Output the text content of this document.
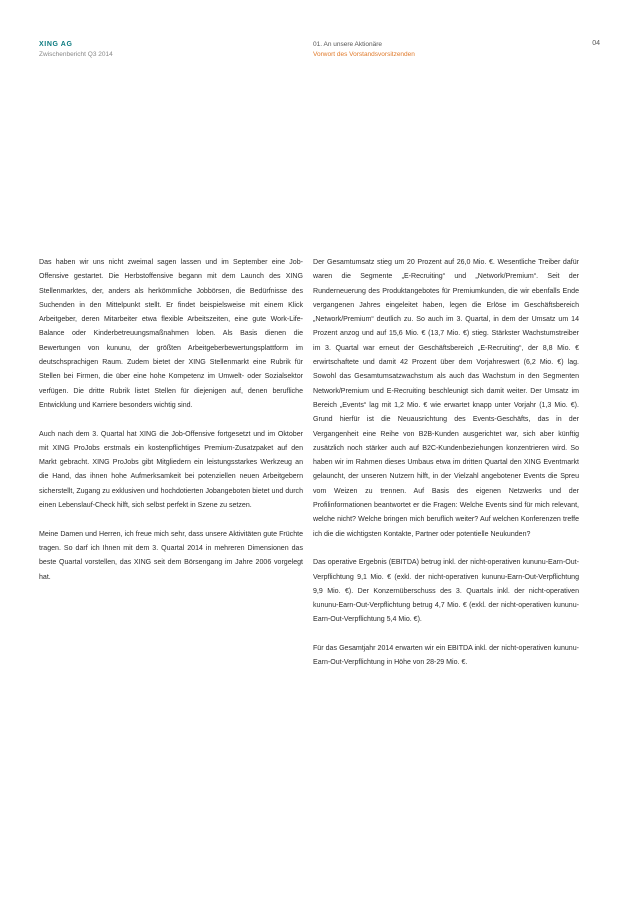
XING AG
Zwischenbericht Q3 2014
01. An unsere Aktionäre
Vorwort des Vorstandsvorsitzenden
04

Das haben wir uns nicht zweimal sagen lassen und im September eine Job-Offensive gestartet. Die Herbstoffensive begann mit dem Launch des XING Stellenmarktes, der, anders als herkömmliche Jobbörsen, die Bedürfnisse des Suchenden in den Mittelpunkt stellt. Er findet beispielsweise mit einem Klick Arbeitgeber, deren Mitarbeiter etwa flexible Arbeitszeiten, eine gute Work-Life-Balance oder Kinderbetreuungsmaßnahmen loben. Als Basis dienen die Bewertungen von kununu, der größten Arbeitgeberbewertungsplattform im deutschsprachigen Raum. Zudem bietet der XING Stellenmarkt eine Rubrik für Stellen bei Firmen, die über eine hohe Kompetenz im Umwelt- oder Sozialsektor verfügen. Die dritte Rubrik listet Stellen für diejenigen auf, denen berufliche Entwicklung und Karriere besonders wichtig sind.

Auch nach dem 3. Quartal hat XING die Job-Offensive fortgesetzt und im Oktober mit XING ProJobs erstmals ein kostenpflichtiges Premium-Zusatzpaket auf den Markt gebracht. XING ProJobs gibt Mitgliedern ein leistungsstarkes Werkzeug an die Hand, das ihnen hohe Aufmerksamkeit bei potenziellen neuen Arbeitgebern sicherstellt, Zugang zu exklusiven und hochdotierten Jobangeboten bietet und durch einen Lebenslauf-Check hilft, sich selbst perfekt in Szene zu setzen.

Meine Damen und Herren, ich freue mich sehr, dass unsere Aktivitäten gute Früchte tragen. So darf ich Ihnen mit dem 3. Quartal 2014 in mehreren Dimensionen das beste Quartal vorstellen, das XING seit dem Börsengang im Jahre 2006 vorgelegt hat.

Der Gesamtumsatz stieg um 20 Prozent auf 26,0 Mio. €. Wesentliche Treiber dafür waren die Segmente „E-Recruiting“ und „Network/Premium“. Seit der Runderneuerung des Produktangebotes für Premiumkunden, die wir ebenfalls Ende vergangenen Jahres eingeleitet haben, legen die Erlöse im Geschäftsbereich „Network/Premium“ deutlich zu. So auch im 3. Quartal, in dem der Umsatz um 14 Prozent anzog und auf 15,6 Mio. € (13,7 Mio. €) stieg. Stärkster Wachstumstreiber im 3. Quartal war erneut der Geschäftsbereich „E-Recruiting“, der 8,8 Mio. € erwirtschaftete und damit 42 Prozent über dem Vorjahreswert (6,2 Mio. €) lag. Sowohl das Gesamtumsatzwachstum als auch das Wachstum in den Segmenten Network/Premium und E-Recruiting beschleunigt sich damit weiter. Der Umsatz im Bereich „Events“ lag mit 1,2 Mio. € wie erwartet knapp unter Vorjahr (1,3 Mio. €). Grund hierfür ist die Neuausrichtung des Events-Geschäfts, das in der Vergangenheit eine Reihe von B2B-Kunden ausgerichtet war, sich aber künftig zusätzlich noch stärker auch auf B2C-Kundenbeziehungen konzentrieren wird. So haben wir im Rahmen dieses Umbaus etwa im dritten Quartal den XING Eventmarkt gelauncht, der unseren Nutzern hilft, in der Vielzahl angebotener Events die Spreu vom Weizen zu trennen. Auf Basis des eigenen Netzwerks und der Profilinformationen beantwortet er die Fragen: Welche Events sind für mich relevant, welche nicht? Welche bringen mich beruflich weiter? Auf welchen Konferenzen treffe ich die die wichtigsten Kontakte, Partner oder potentielle Neukunden?

Das operative Ergebnis (EBITDA) betrug inkl. der nicht-operativen kununu-Earn-Out-Verpflichtung 9,1 Mio. € (exkl. der nicht-operativen kununu-Earn-Out-Verpflichtung 9,9 Mio. €). Der Konzernüberschuss des 3. Quartals inkl. der nicht-operativen kununu-Earn-Out-Verpflichtung betrug 4,7 Mio. € (exkl. der nicht-operativen kununu-Earn-Out-Verpflichtung 5,4 Mio. €).

Für das Gesamtjahr 2014 erwarten wir ein EBITDA inkl. der nicht-operativen kununu-Earn-Out-Verpflichtung in Höhe von 28-29 Mio. €.
